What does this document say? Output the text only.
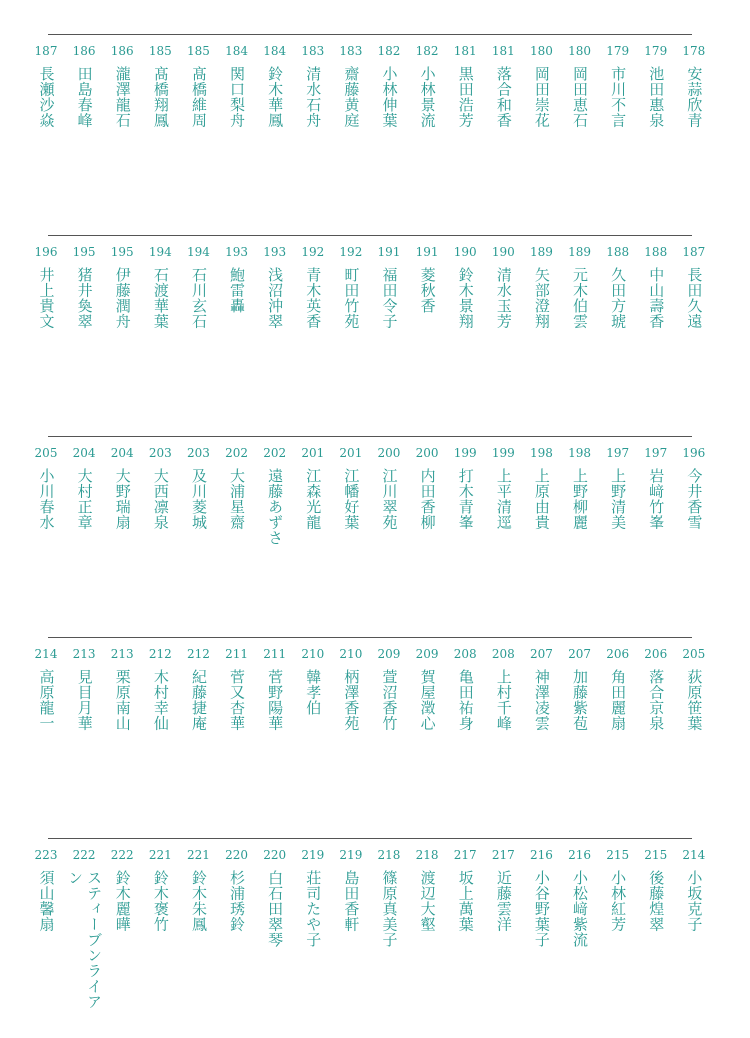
178
安蒜欣青
179
池田惠泉
179
市川不言
180
岡田恵石
180
岡田崇花
181
落合和香
181
黒田浩芳
182
小林景流
182
小林伸葉
183
齋藤黄庭
183
清水石舟
184
鈴木華鳳
184
関口梨舟
185
髙橋維周
185
髙橋翔鳳
186
瀧澤龍石
186
田島春峰
187
長瀬沙焱
187
長田久遠
188
中山壽香
188
久田方琥
189
元木伯雲
189
矢部澄翔
190
清水玉芳
190
鈴木景翔
191
菱秋香
191
福田令子
192
町田竹苑
192
青木英香
193
浅沼沖翠
193
鮑雷轟
194
石川玄石
194
石渡華葉
195
伊藤潤舟
195
猪井奐翠
196
井上貴文
196
今井香雪
197
岩﨑竹峯
197
上野清美
198
上野柳麗
198
上原由貴
199
上平清逕
199
打木青峯
200
内田香柳
200
江川翠苑
201
江幡好葉
201
江森光龍
202
遠藤あずさ
202
大浦星齋
203
及川菱城
203
大西凛泉
204
大野瑞扇
204
大村正章
205
小川春水
205
荻原笹葉
206
落合京泉
206
角田麗扇
207
加藤紫苞
207
神澤凌雲
208
上村千峰
208
亀田祐身
209
賀屋澂心
209
萱沼香竹
210
柄澤香苑
210
韓孝伯
211
菅野陽華
211
菅又杏華
212
紀藤捷庵
212
木村幸仙
213
栗原南山
213
見目月華
214
高原龍一
214
小坂克子
215
後藤煌翠
215
小林紅芳
216
小松﨑紫流
216
小谷野葉子
217
近藤雲洋
217
坂上萬葉
218
渡辺大壑
218
篠原真美子
219
島田香軒
219
荘司たや子
220
白石田翠琴
220
杉浦琇鈴
221
鈴木朱鳳
221
鈴木褒竹
222
鈴木麗曄
222
スティーブンライアン
223
須山馨扇
